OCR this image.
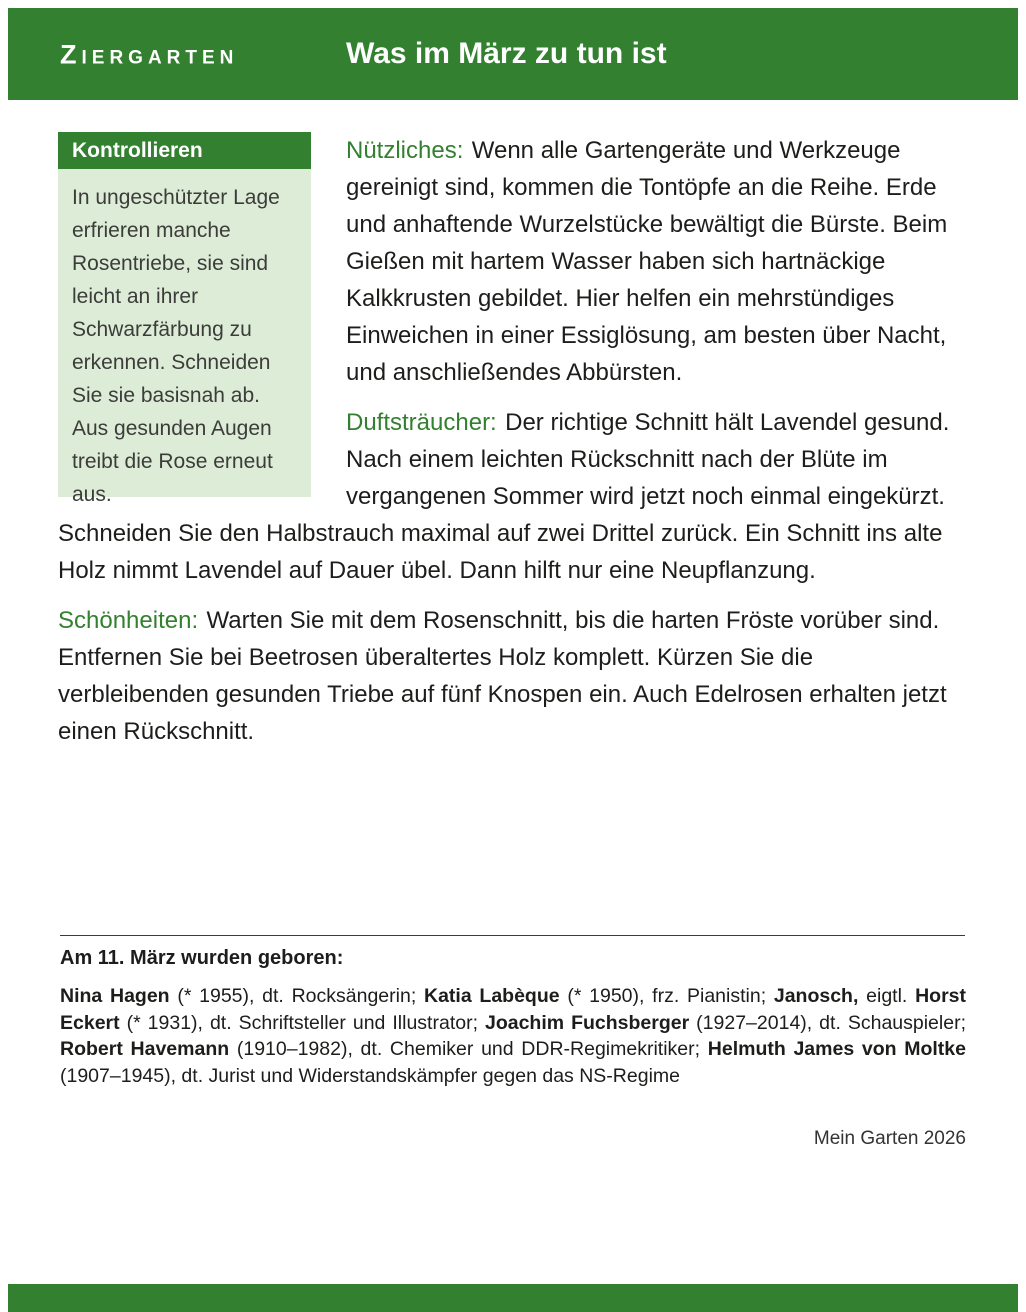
ZIERGARTEN	Was im März zu tun ist
Kontrollieren
In ungeschützter Lage erfrieren manche Rosentriebe, sie sind leicht an ihrer Schwarzfärbung zu erkennen. Schneiden Sie sie basisnah ab. Aus gesunden Augen treibt die Rose erneut aus.

Nützliches: Wenn alle Gartengeräte und Werkzeuge gereinigt sind, kommen die Tontöpfe an die Reihe. Erde und anhaftende Wurzelstücke bewältigt die Bürste. Beim Gießen mit hartem Wasser haben sich hartnäckige Kalkkrusten gebildet. Hier helfen ein mehrstündiges Einweichen in einer Essiglösung, am besten über Nacht, und anschließendes Abbürsten.

Duftsträucher: Der richtige Schnitt hält Lavendel gesund. Nach einem leichten Rückschnitt nach der Blüte im vergangenen Sommer wird jetzt noch einmal eingekürzt. Schneiden Sie den Halbstrauch maximal auf zwei Drittel zurück. Ein Schnitt ins alte Holz nimmt Lavendel auf Dauer übel. Dann hilft nur eine Neupflanzung.

Schönheiten: Warten Sie mit dem Rosenschnitt, bis die harten Fröste vorüber sind. Entfernen Sie bei Beetrosen überaltertes Holz komplett. Kürzen Sie die verbleibenden gesunden Triebe auf fünf Knospen ein. Auch Edelrosen erhalten jetzt einen Rückschnitt.

Am 11. März wurden geboren:

Nina Hagen (* 1955), dt. Rocksängerin; Katia Labèque (* 1950), frz. Pianistin; Janosch, eigtl. Horst Eckert (* 1931), dt. Schriftsteller und Illustrator; Joachim Fuchsberger (1927–2014), dt. Schauspieler; Robert Havemann (1910–1982), dt. Chemiker und DDR-Regimekritiker; Helmuth James von Moltke (1907–1945), dt. Jurist und Widerstandskämpfer gegen das NS-Regime

Mein Garten 2026
